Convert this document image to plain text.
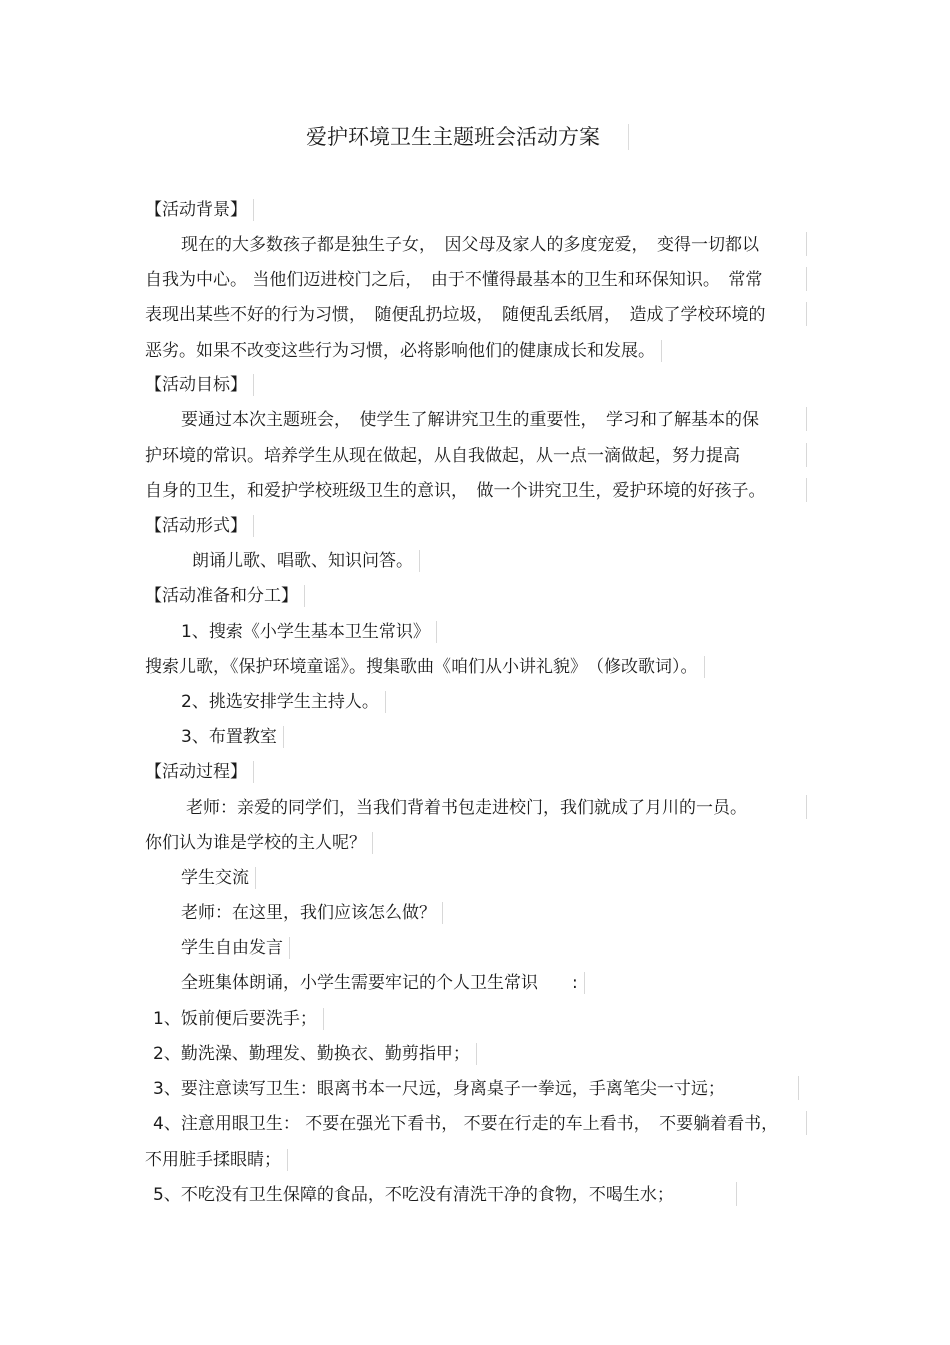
爱护环境卫生主题班会活动方案
【活动背景】
现在的大多数孩子都是独生子女，　因父母及家人的多度宠爱，　变得一切都以
自我为中心。 当他们迈进校门之后，　由于不懂得最基本的卫生和环保知识。　常常
表现出某些不好的行为习惯，　随便乱扔垃圾，　随便乱丢纸屑，　造成了学校环境的
恶劣。如果不改变这些行为习惯，必将影响他们的健康成长和发展。
【活动目标】
要通过本次主题班会，　使学生了解讲究卫生的重要性，　学习和了解基本的保
护环境的常识。培养学生从现在做起，从自我做起，从一点一滴做起，努力提高
自身的卫生，和爱护学校班级卫生的意识，　做一个讲究卫生，爱护环境的好孩子。
【活动形式】
朗诵儿歌、唱歌、知识问答。
【活动准备和分工】
1、搜索《小学生基本卫生常识》
搜索儿歌，《保护环境童谣》。搜集歌曲《咱们从小讲礼貌》　（修改歌词）。
2、挑选安排学生主持人。
3、布置教室
【活动过程】
老师：亲爱的同学们，当我们背着书包走进校门，我们就成了月川的一员。
你们认为谁是学校的主人呢？
学生交流
老师：在这里，我们应该怎么做？
学生自由发言
全班集体朗诵，小学生需要牢记的个人卫生常识　　:
1、饭前便后要洗手；
2、勤洗澡、勤理发、勤换衣、勤剪指甲；
3、要注意读写卫生：眼离书本一尺远，身离桌子一拳远，手离笔尖一寸远；
4、注意用眼卫生： 不要在强光下看书， 不要在行走的车上看书，　不要躺着看书，
不用脏手揉眼睛；
5、不吃没有卫生保障的食品，不吃没有清洗干净的食物，不喝生水；
